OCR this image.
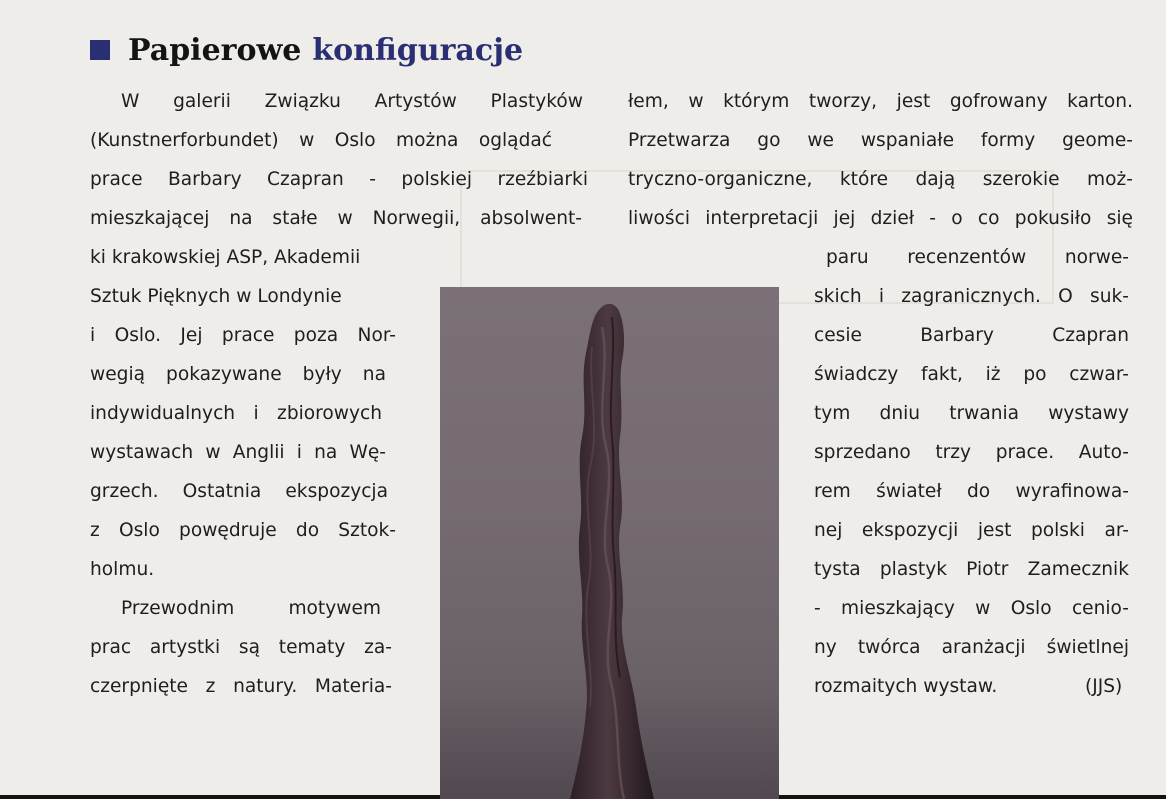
Papierowe konfiguracje
W galerii Związku Artystów Plastyków
(Kunstnerforbundet) w Oslo można oglądać
prace Barbary Czapran - polskiej rzeźbiarki
mieszkającej na stałe w Norwegii, absolwent-
ki krakowskiej ASP, Akademii
Sztuk Pięknych w Londynie
i Oslo. Jej prace poza Nor-
wegią pokazywane były na
indywidualnych i zbiorowych
wystawach w Anglii i na Wę-
grzech. Ostatnia ekspozycja
z Oslo powędruje do Sztok-
holmu.
Przewodnim motywem
prac artystki są tematy za-
czerpnięte z natury. Materia-
łem, w którym tworzy, jest gofrowany karton.
Przetwarza go we wspaniałe formy geome-
tryczno-organiczne, które dają szerokie moż-
liwości interpretacji jej dzieł - o co pokusiło się
paru recenzentów norwe-
skich i zagranicznych. O suk-
cesie Barbary Czapran
świadczy fakt, iż po czwar-
tym dniu trwania wystawy
sprzedano trzy prace. Auto-
rem świateł do wyrafinowa-
nej ekspozycji jest polski ar-
tysta plastyk Piotr Zamecznik
- mieszkający w Oslo cenio-
ny twórca aranżacji świetlnej
rozmaitych wystaw.	(JJS)
